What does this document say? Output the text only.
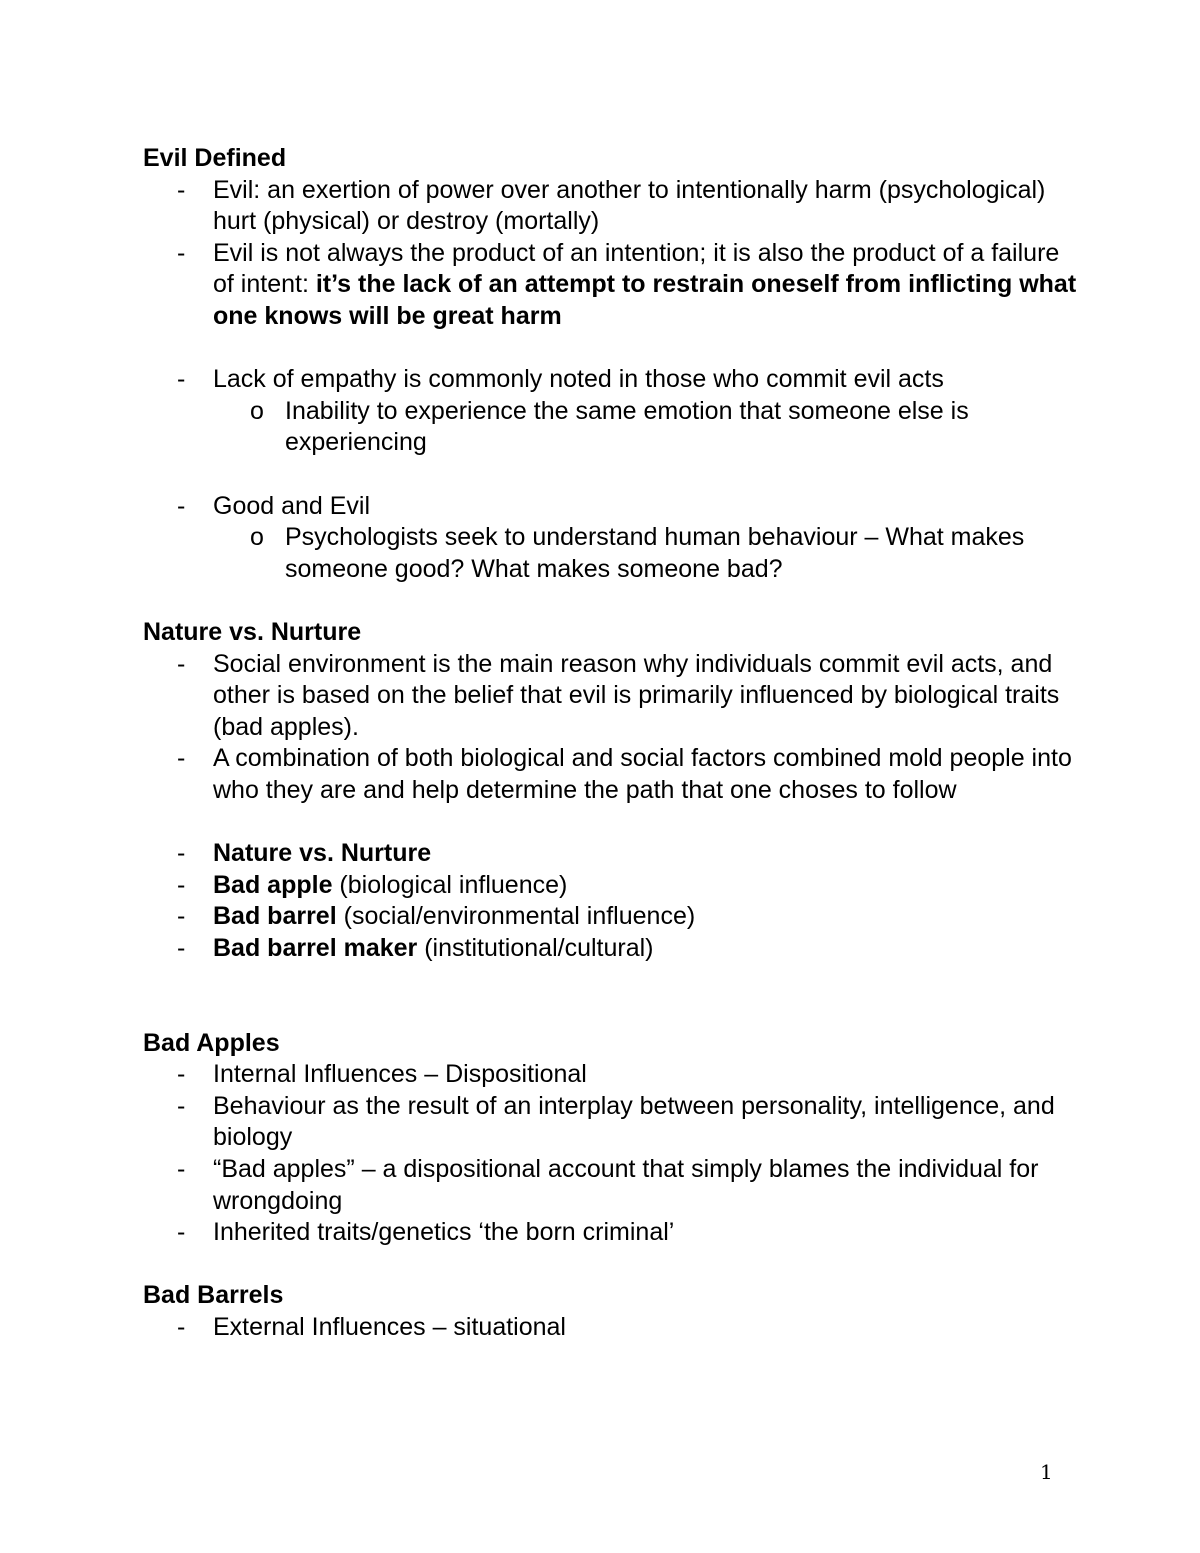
Evil Defined
- Evil: an exertion of power over another to intentionally harm (psychological) hurt (physical) or destroy (mortally)
- Evil is not always the product of an intention; it is also the product of a failure of intent: it’s the lack of an attempt to restrain oneself from inflicting what one knows will be great harm
- Lack of empathy is commonly noted in those who commit evil acts
o Inability to experience the same emotion that someone else is experiencing
- Good and Evil
o Psychologists seek to understand human behaviour – What makes someone good? What makes someone bad?
Nature vs. Nurture
- Social environment is the main reason why individuals commit evil acts, and other is based on the belief that evil is primarily influenced by biological traits (bad apples).
- A combination of both biological and social factors combined mold people into who they are and help determine the path that one choses to follow
- Nature vs. Nurture
- Bad apple (biological influence)
- Bad barrel (social/environmental influence)
- Bad barrel maker (institutional/cultural)
Bad Apples
- Internal Influences – Dispositional
- Behaviour as the result of an interplay between personality, intelligence, and biology
- “Bad apples” – a dispositional account that simply blames the individual for wrongdoing
- Inherited traits/genetics ‘the born criminal’
Bad Barrels
- External Influences – situational
1
